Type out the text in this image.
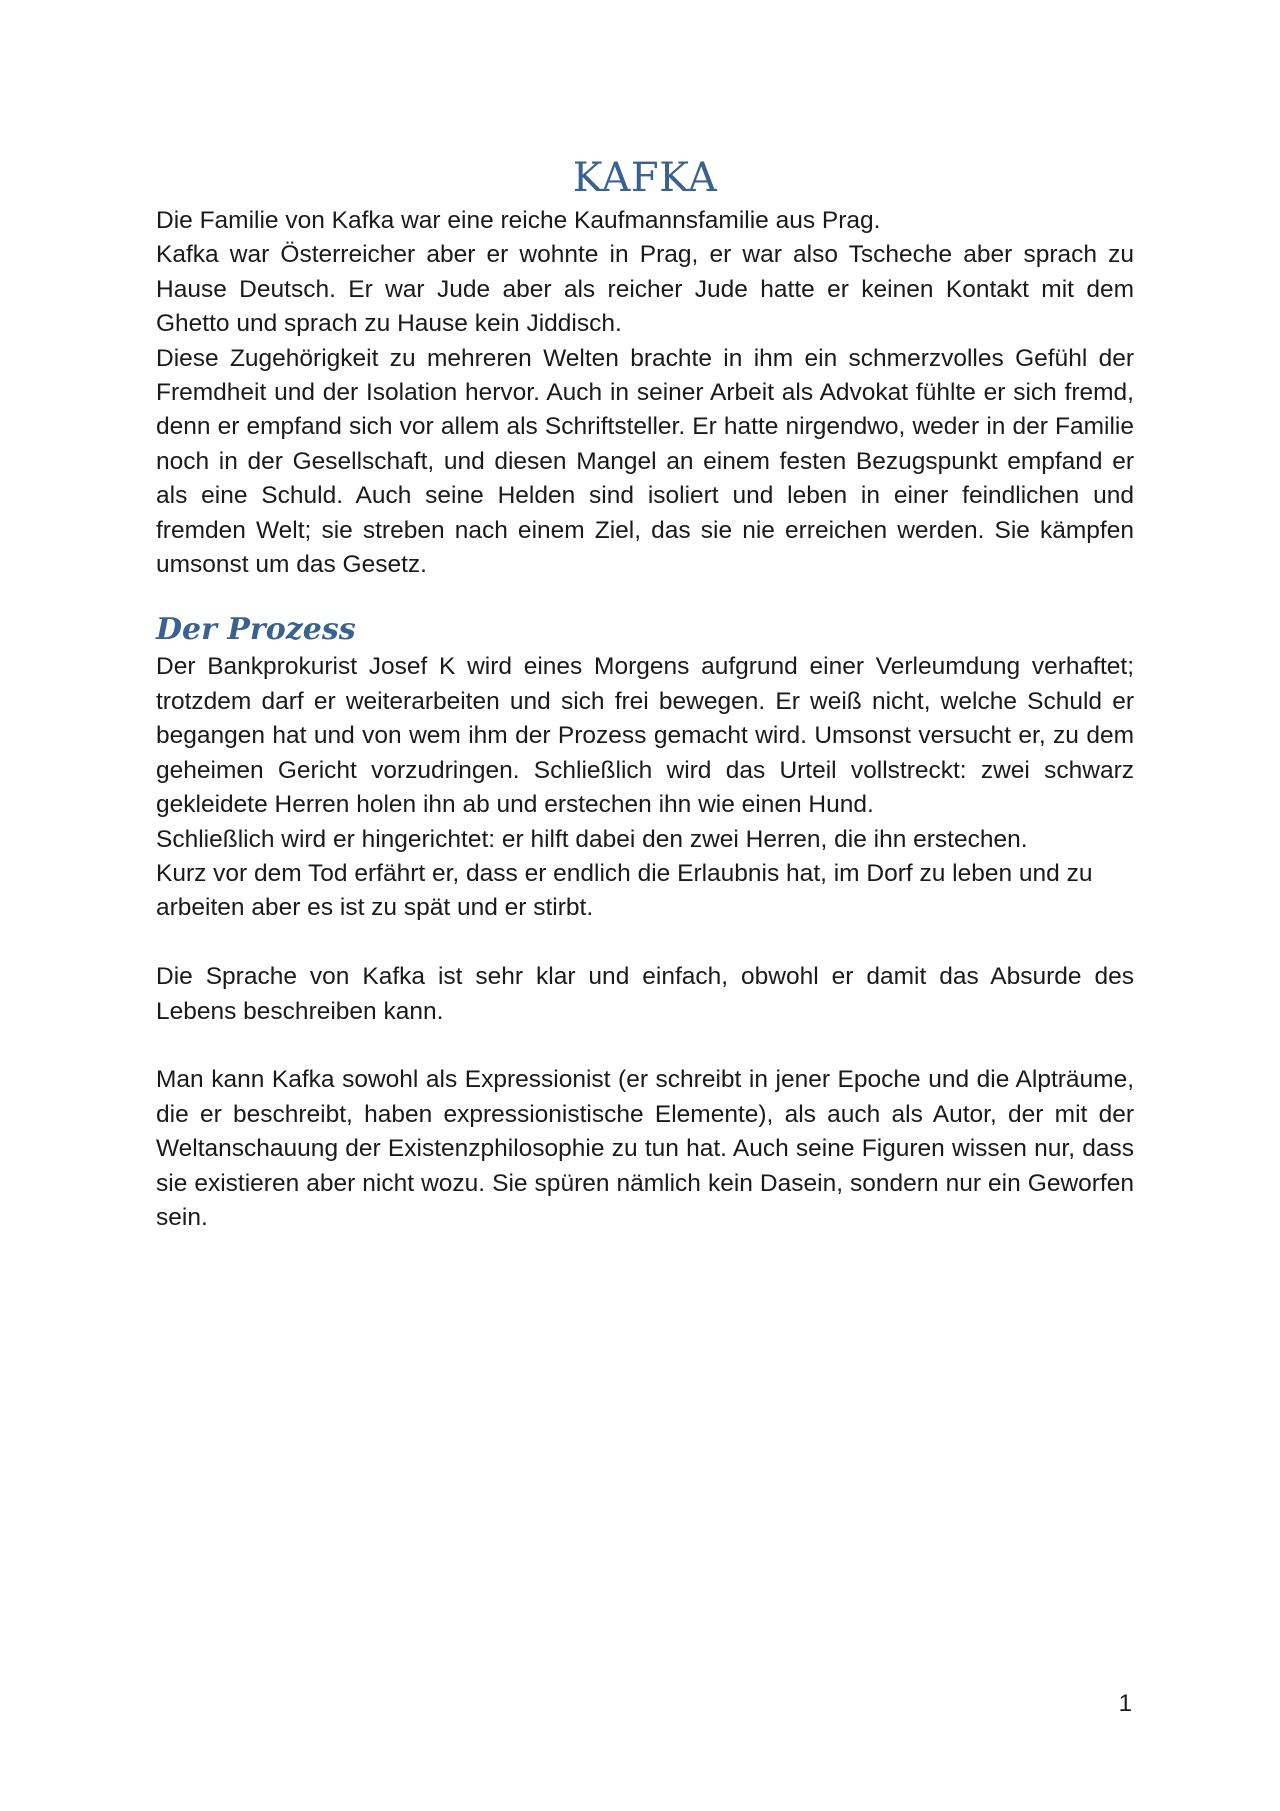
KAFKA

Die Familie von Kafka war eine reiche Kaufmannsfamilie aus Prag.

Kafka war Österreicher aber er wohnte in Prag, er war also Tscheche aber sprach zu Hause Deutsch. Er war Jude aber als reicher Jude hatte er keinen Kontakt mit dem Ghetto und sprach zu Hause kein Jiddisch.

Diese Zugehörigkeit zu mehreren Welten brachte in ihm ein schmerzvolles Gefühl der Fremdheit und der Isolation hervor. Auch in seiner Arbeit als Advokat fühlte er sich fremd, denn er empfand sich vor allem als Schriftsteller. Er hatte nirgendwo, weder in der Familie noch in der Gesellschaft, und diesen Mangel an einem festen Bezugspunkt empfand er als eine Schuld. Auch seine Helden sind isoliert und leben in einer feindlichen und fremden Welt; sie streben nach einem Ziel, das sie nie erreichen werden. Sie kämpfen umsonst um das Gesetz.

Der Prozess

Der Bankprokurist Josef K wird eines Morgens aufgrund einer Verleumdung verhaftet; trotzdem darf er weiterarbeiten und sich frei bewegen. Er weiß nicht, welche Schuld er begangen hat und von wem ihm der Prozess gemacht wird. Umsonst versucht er, zu dem geheimen Gericht vorzudringen. Schließlich wird das Urteil vollstreckt: zwei schwarz gekleidete Herren holen ihn ab und erstechen ihn wie einen Hund.

Schließlich wird er hingerichtet: er hilft dabei den zwei Herren, die ihn erstechen.

Kurz vor dem Tod erfährt er, dass er endlich die Erlaubnis hat, im Dorf zu leben und zu arbeiten aber es ist zu spät und er stirbt.

Die Sprache von Kafka ist sehr klar und einfach, obwohl er damit das Absurde des Lebens beschreiben kann.

Man kann Kafka sowohl als Expressionist (er schreibt in jener Epoche und die Alpträume, die er beschreibt, haben expressionistische Elemente), als auch als Autor, der mit der Weltanschauung der Existenzphilosophie zu tun hat. Auch seine Figuren wissen nur, dass sie existieren aber nicht wozu. Sie spüren nämlich kein Dasein, sondern nur ein Geworfen sein.

1
